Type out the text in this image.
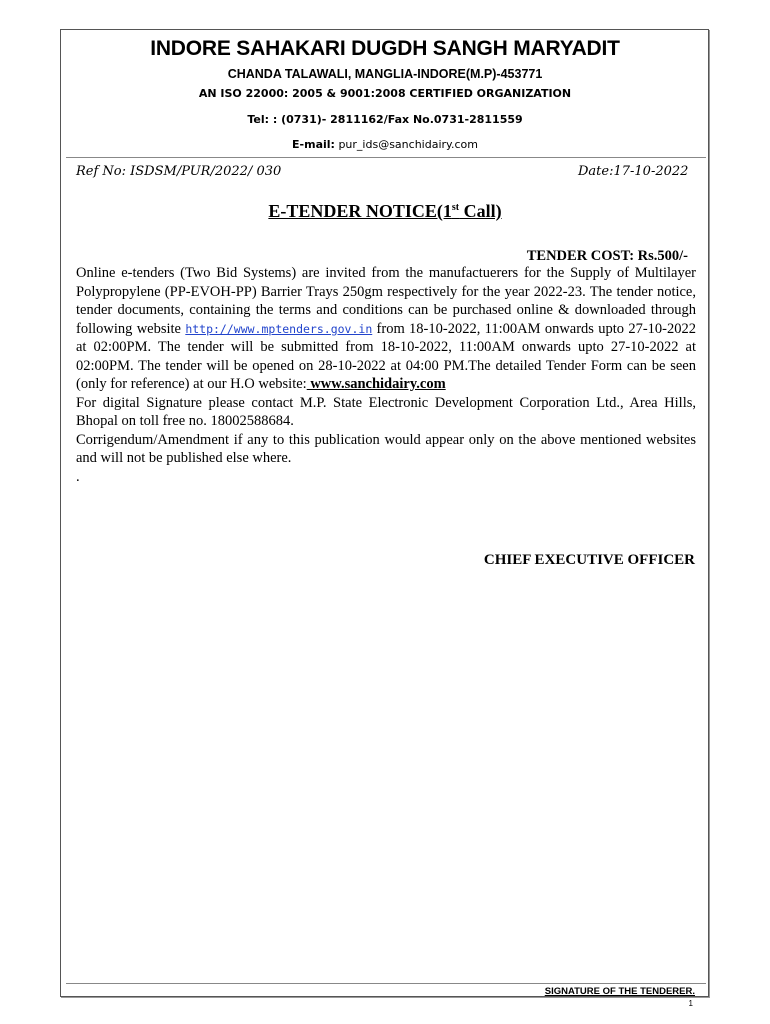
INDORE SAHAKARI DUGDH SANGH MARYADIT
CHANDA TALAWALI, MANGLIA-INDORE(M.P)-453771
AN ISO 22000: 2005 & 9001:2008 CERTIFIED ORGANIZATION
Tel: : (0731)- 2811162/Fax No.0731-2811559
E-mail: pur_ids@sanchidairy.com
Ref No: ISDSM/PUR/2022/ 030	Date:17-10-2022
E-TENDER NOTICE(1st Call)
TENDER COST: Rs.500/-

Online e-tenders (Two Bid Systems) are invited from the manufactuerers for the Supply of Multilayer Polypropylene (PP-EVOH-PP) Barrier Trays 250gm respectively for the year 2022-23. The tender notice, tender documents, containing the terms and conditions can be purchased online & downloaded through following website http://www.mptenders.gov.in from 18-10-2022, 11:00AM onwards upto 27-10-2022 at 02:00PM. The tender will be submitted from 18-10-2022, 11:00AM onwards upto 27-10-2022 at 02:00PM. The tender will be opened on 28-10-2022 at 04:00 PM.The detailed Tender Form can be seen (only for reference) at our H.O website: www.sanchidairy.com

For digital Signature please contact M.P. State Electronic Development Corporation Ltd., Area Hills, Bhopal on toll free no. 18002588684.

Corrigendum/Amendment if any to this publication would appear only on the above mentioned websites and will not be published else where.

.

CHIEF EXECUTIVE OFFICER
SIGNATURE OF THE TENDERER.
1
